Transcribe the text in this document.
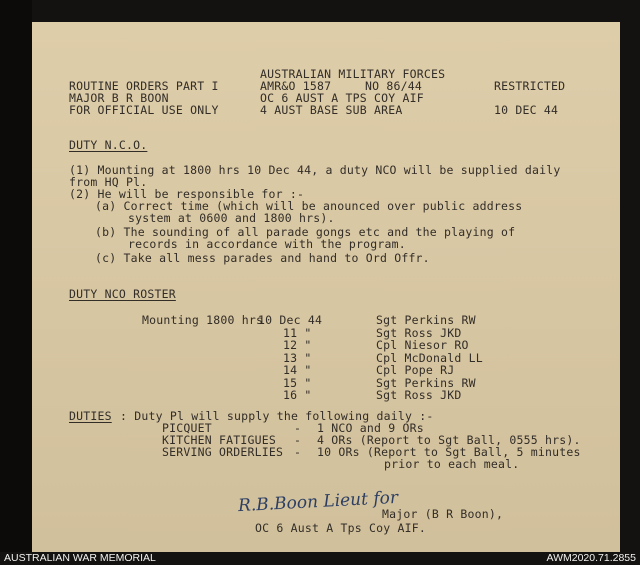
ROUTINE ORDERS PART I
MAJOR B R BOON
FOR OFFICIAL USE ONLY
AUSTRALIAN MILITARY FORCES
AMR&O 1587	NO 86/44
OC 6 AUST A TPS COY AIF
4 AUST BASE SUB AREA
RESTRICTED
10 DEC 44
DUTY N.C.O.
(1) Mounting at 1800 hrs 10 Dec 44, a duty NCO will be supplied daily
from HQ Pl.
(2) He will be responsible for :-
(a) Correct time (which will be anounced over public address
system at 0600 and 1800 hrs).
(b) The sounding of all parade gongs etc and the playing of
records in accordance with the program.
(c) Take all mess parades and hand to Ord Offr.
DUTY NCO ROSTER
Mounting 1800 hrs
10 Dec 44	Sgt Perkins RW
11 "	Sgt Ross JKD
12 "	Cpl Niesor RO
13 "	Cpl McDonald LL
14 "	Cpl Pope RJ
15 "	Sgt Perkins RW
16 "	Sgt Ross JKD
DUTIES : Duty Pl will supply the following daily :-
PICQUET	- 1 NCO and 9 ORs
KITCHEN FATIGUES - 4 ORs (Report to Sgt Ball, 0555 hrs).
SERVING ORDERLIES - 10 ORs (Report to Sgt Ball, 5 minutes
prior to each meal.
R.B.Boon Lieut for
Major (B R Boon),
OC 6 Aust A Tps Coy AIF.
AUSTRALIAN WAR MEMORIAL	AWM2020.71.2855
